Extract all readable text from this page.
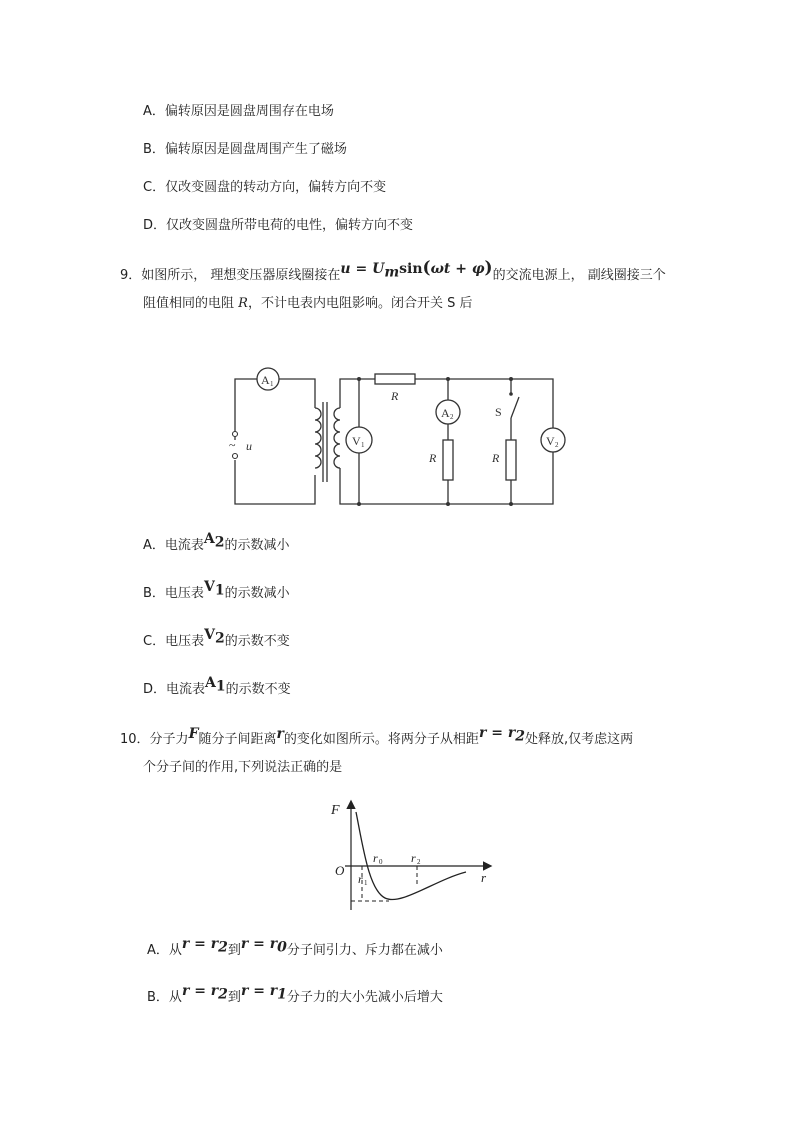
A．偏转原因是圆盘周围存在电场
B．偏转原因是圆盘周围产生了磁场
C．仅改变圆盘的转动方向，偏转方向不变
D．仅改变圆盘所带电荷的电性，偏转方向不变
9．如图所示， 理想变压器原线圈接在$u = U_m\sin(\omega t + \varphi)$的交流电源上， 副线圈接三个
阻值相同的电阻 R，不计电表内电阻影响。闭合开关 S 后
~ u
R
A 1
V 1
A 2
R
S
R
V 2
A．电流表$A_2$的示数减小
B．电压表$V_1$的示数减小
C．电压表$V_2$的示数不变
D．电流表$A_1$的示数不变
10．分子力F随分子间距离r的变化如图所示。将两分子从相距$r = r_2$处释放,仅考虑这两
个分子间的作用,下列说法正确的是
F
O	r
r 0
r 1
r 2
A．从$r = r_2$到$r = r_0$分子间引力、斥力都在减小
B．从$r = r_2$到$r = r_1$分子力的大小先减小后增大
